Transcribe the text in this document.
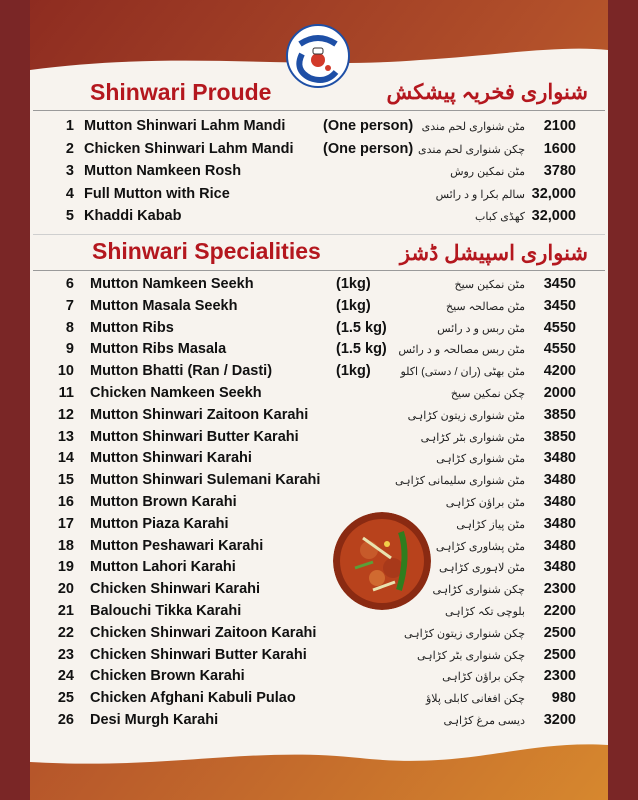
Shinwari Proude	شنواری فخریہ پیشکش
1 Mutton Shinwari Lahm Mandi	(One person) مٹن شنواری لحم مندی	2100
2 Chicken Shinwari Lahm Mandi (One person) چکن شنواری لحم مندی	1600
3 Mutton Namkeen Rosh	مٹن نمکین روش	3780
4 Full Mutton with Rice	سالم بکرا و د رائس 32,000
5 Khaddi Kabab	کھڈی کباب 32,000
Shinwari Specialities	شنواری اسپیشل ڈشز
6 Mutton Namkeen Seekh	(1kg)	مٹن نمکین سیخ	3450
7 Mutton Masala Seekh	(1kg)	مٹن مصالحہ سیخ	3450
8 Mutton Ribs	(1.5 kg)	مٹن ربس و د رائس	4550
9 Mutton Ribs Masala	(1.5 kg)	مٹن ربس مصالحہ و د رائس	4550
10 Mutton Bhatti (Ran / Dasti)	(1kg)	مٹن بھٹی (ران / دستی) اکلو	4200
11 Chicken Namkeen Seekh	چکن نمکین سیخ	2000
12 Mutton Shinwari Zaitoon Karahi	مٹن شنواری زیتون کڑاہی	3850
13 Mutton Shinwari Butter Karahi	مٹن شنواری بٹر کڑاہی	3850
14 Mutton Shinwari Karahi	مٹن شنواری کڑاہی	3480
15 Mutton Shinwari Sulemani Karahi	مٹن شنواری سلیمانی کڑاہی	3480
16 Mutton Brown Karahi	مٹن براؤن کڑاہی	3480
17 Mutton Piaza Karahi	مٹن پیاز کڑاہی	3480
18 Mutton Peshawari Karahi	مٹن پشاوری کڑاہی	3480
19 Mutton Lahori Karahi	مٹن لاہوری کڑاہی	3480
20 Chicken Shinwari Karahi	چکن شنواری کڑاہی	2300
21 Balouchi Tikka Karahi	بلوچی تکہ کڑاہی	2200
22 Chicken Shinwari Zaitoon Karahi	چکن شنواری زیتون کڑاہی	2500
23 Chicken Shinwari Butter Karahi	چکن شنواری بٹر کڑاہی	2500
24 Chicken Brown Karahi	چکن براؤن کڑاہی	2300
25 Chicken Afghani Kabuli Pulao	چکن افغانی کابلی پلاؤ	980
26 Desi Murgh Karahi	دیسی مرغ کڑاہی	3200
